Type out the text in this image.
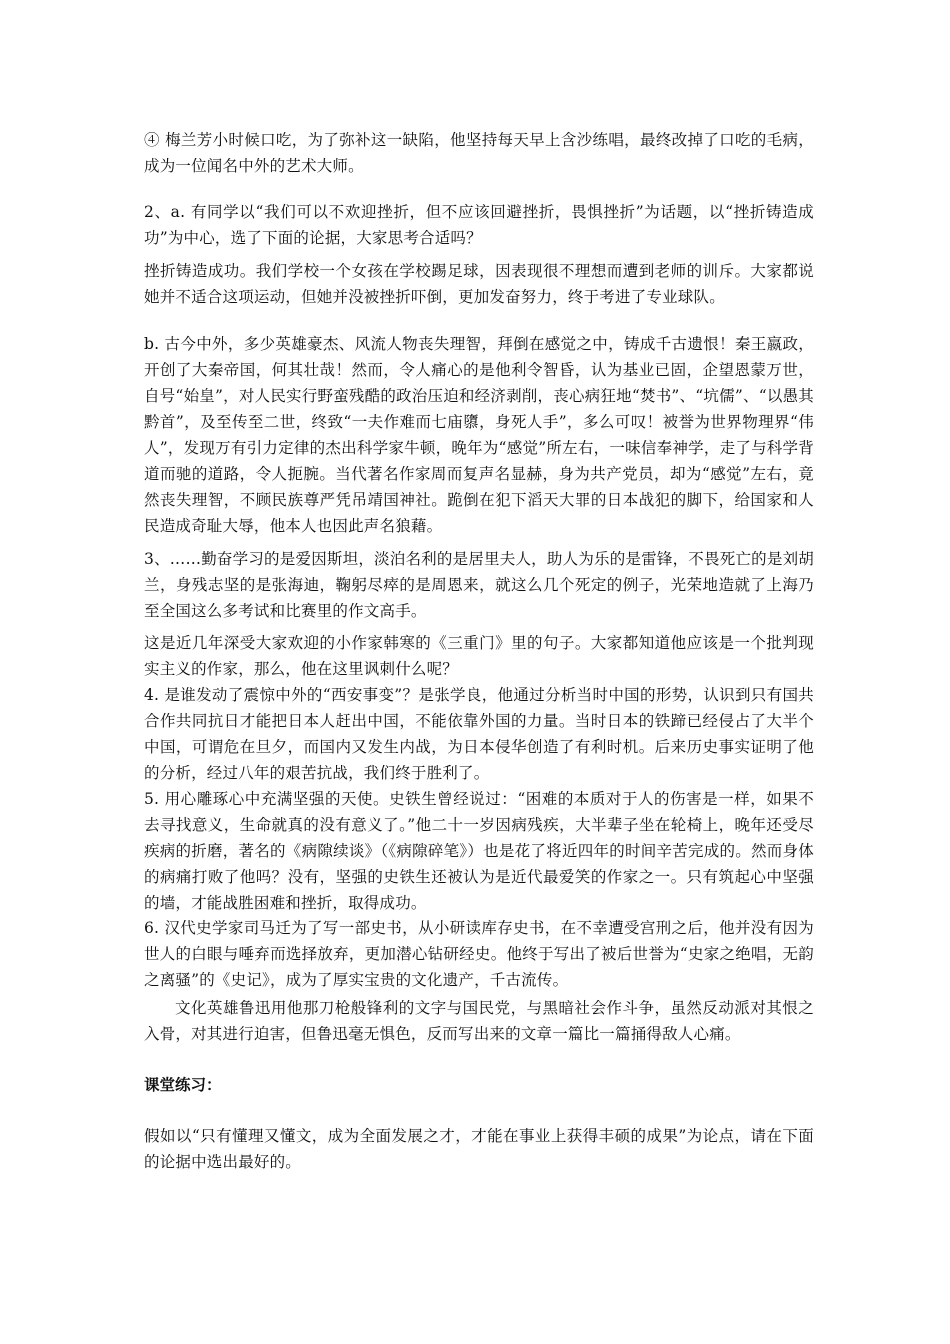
④ 梅兰芳小时候口吃，为了弥补这一缺陷，他坚持每天早上含沙练唱，最终改掉了口吃的毛病，成为一位闻名中外的艺术大师。

2、a. 有同学以“我们可以不欢迎挫折，但不应该回避挫折，畏惧挫折”为话题，以“挫折铸造成功”为中心，选了下面的论据，大家思考合适吗？

挫折铸造成功。我们学校一个女孩在学校踢足球，因表现很不理想而遭到老师的训斥。大家都说她并不适合这项运动，但她并没被挫折吓倒，更加发奋努力，终于考进了专业球队。

b. 古今中外，多少英雄豪杰、风流人物丧失理智，拜倒在感觉之中，铸成千古遗恨！秦王嬴政，开创了大秦帝国，何其壮哉！然而，令人痛心的是他利令智昏，认为基业已固，企望恩蒙万世，自号“始皇”，对人民实行野蛮残酷的政治压迫和经济剥削，丧心病狂地“焚书”、“坑儒”、“以愚其黔首”，及至传至二世，终致“一夫作难而七庙隳，身死人手”，多么可叹！被誉为世界物理界“伟人”，发现万有引力定律的杰出科学家牛顿，晚年为“感觉”所左右，一味信奉神学，走了与科学背道而驰的道路，令人扼腕。当代著名作家周而复声名显赫，身为共产党员，却为“感觉”左右，竟然丧失理智，不顾民族尊严凭吊靖国神社。跪倒在犯下滔天大罪的日本战犯的脚下，给国家和人民造成奇耻大辱，他本人也因此声名狼藉。

3、……勤奋学习的是爱因斯坦，淡泊名利的是居里夫人，助人为乐的是雷锋，不畏死亡的是刘胡兰，身残志坚的是张海迪，鞠躬尽瘁的是周恩来，就这么几个死定的例子，光荣地造就了上海乃至全国这么多考试和比赛里的作文高手。

这是近几年深受大家欢迎的小作家韩寒的《三重门》里的句子。大家都知道他应该是一个批判现实主义的作家，那么，他在这里讽刺什么呢？

4. 是谁发动了震惊中外的“西安事变”？是张学良，他通过分析当时中国的形势，认识到只有国共合作共同抗日才能把日本人赶出中国，不能依靠外国的力量。当时日本的铁蹄已经侵占了大半个中国，可谓危在旦夕，而国内又发生内战，为日本侵华创造了有利时机。后来历史事实证明了他的分析，经过八年的艰苦抗战，我们终于胜利了。

5. 用心雕琢心中充满坚强的天使。史铁生曾经说过：“困难的本质对于人的伤害是一样，如果不去寻找意义，生命就真的没有意义了。”他二十一岁因病残疾，大半辈子坐在轮椅上，晚年还受尽疾病的折磨，著名的《病隙续谈》（《病隙碎笔》）也是花了将近四年的时间辛苦完成的。然而身体的病痛打败了他吗？没有，坚强的史铁生还被认为是近代最爱笑的作家之一。只有筑起心中坚强的墙，才能战胜困难和挫折，取得成功。

6. 汉代史学家司马迁为了写一部史书，从小研读库存史书，在不幸遭受宫刑之后，他并没有因为世人的白眼与唾弃而选择放弃，更加潜心钻研经史。他终于写出了被后世誉为“史家之绝唱，无韵之离骚”的《史记》，成为了厚实宝贵的文化遗产，千古流传。

文化英雄鲁迅用他那刀枪般锋利的文字与国民党，与黑暗社会作斗争，虽然反动派对其恨之入骨，对其进行迫害，但鲁迅毫无惧色，反而写出来的文章一篇比一篇捅得敌人心痛。

课堂练习：

假如以“只有懂理又懂文，成为全面发展之才，才能在事业上获得丰硕的成果”为论点，请在下面的论据中选出最好的。
